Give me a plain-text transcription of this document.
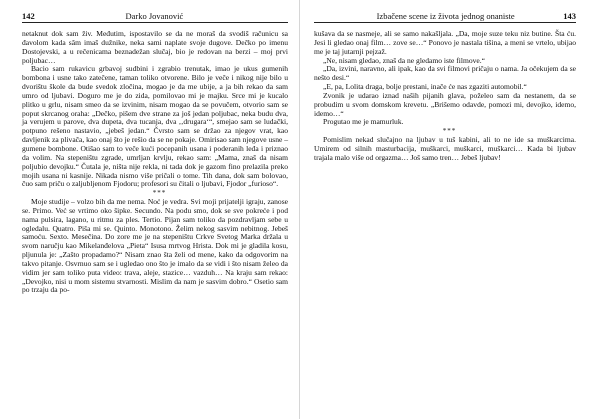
142	Darko Jovanović

netaknut dok sam živ. Međutim, ispostavilo se da ne moraš da svodiš računicu sa đavolom kada sâm imaš dužnike, neka sami naplate svoje dugove. Dečko po imenu Dostojevski, a u rečenicama beznadežan slučaj, bio je redovan na berzi – moj prvi poljubac…

Bacio sam rukavicu grbavoj sudbini i zgrabio trenutak, imao je ukus gumenih bombona i usne tako zatečene, taman toliko otvorene. Bilo je veče i nikog nije bilo u dvorištu škole da bude svedok zločina, mogao je da me ubije, a ja bih rekao da sam umro od ljubavi. Doguro me je do zida, pomilovao mi je majku. Srce mi je kucalo plitko u grlu, nisam smeo da se izvinim, nisam mogao da se povučem, otvorio sam se poput skrcanog oraha: „Dečko, pišem dve strane za još jedan poljubac, neka budu dva, ja verujem u parove, dva dupeta, dva tucanja, dva ,‚drugara‘“, smejao sam se ludački, potpuno rešeno nastavio, „jebeš jedan.“ Čvrsto sam se držao za njegov vrat, kao davljenik za plivača, kao onaj što je rešio da se ne pokaje. Omirisao sam njegove usne – gumene bombone. Otišao sam to veče kući pocepanih usana i poderanih leđa i priznao da volim. Na stepeništu zgrade, umrljan krvlju, rekao sam: „Mama, znaš da nisam poljubio devojku.“ Čutala je, ništa nije rekla, ni tada dok je gazom fino prelazila preko mojih usana ni kasnije. Nikada nismo više pričali o tome. Tih dana, dok sam bolovao, čuo sam priču o zaljubljenom Fjodoru; profesori su čitali o ljubavi, Fjodor „furioso“.

***

Moje studije – volzo bih da me nema. Noć je vedra. Svi moji prijatelji igraju, zanose se. Primo. Već se vrtimo oko šipke. Secundo. Na podu smo, dok se sve pokreće i pod nama pulsira, lagano, u ritmu za ples. Tertio. Pijan sam toliko da pozdravljam sebe u ogledalu. Quatro. Piša mi se. Quinto. Monotono. Želim nekog sasvim nebitnog. Jebeš samoću. Sexto. Mesečina. Do zore me je na stepeništu Crkve Svetog Marka držala u svom naručju kao Mikelanđelova „Pieta“ Isusa mrtvog Hrista. Dok mi je gladila kosu, pljunula je: „Zašto propadamo?“ Nisam znao šta želi od mene, kako da odgovorim na takvo pitanje. Osvrnuo sam se i ugledao ono što je imalo da se vidi i što nisam želeo da vidim jer sam toliko puta video: trava, aleje, stazice… vazduh… Na kraju sam rekao: „Devojko, nisi u mom sistemu stvarnosti. Mislim da nam je sasvim dobro.“ Osetio sam po trzaju da po-

Izbačene scene iz života jednog onaniste	143

kušava da se nasmeje, ali se samo nakašljala. „Da, moje suze teku niz butine. Šta ću. Jesi li gledao onaj film… zove se…“ Ponovo je nastala tišina, a meni se vrtelo, ubijao me je taj jutarnji pejzaž.

„Ne, nisam gledao, znaš da ne gledamo iste filmove.“

„Da, izvini, naravno, ali ipak, kao da svi filmovi pričaju o nama. Ja očekujem da se nešto desi.“

„E, pa, Lolita draga, bolje prestani, inače će nas zgaziti automobil.“

Zvonik je udarao iznad naših pijanih glava, požele​o sam da nestanem, da se probudim u svom domskom krevetu. „Brišemo odavde, pomozi mi, devojko, idemo, idemo…“

Progutao me je mamurluk.

***

Pomislim nekad slučajno na ljubav u tuš kabini, ali to ne ide sa muškarcima. Umirem od silnih masturbacija, muškarci, muškarci, muškarci… Kada bi ljubav trajala malo više od orgazma… Još samo tren… Jebeš ljubav!
